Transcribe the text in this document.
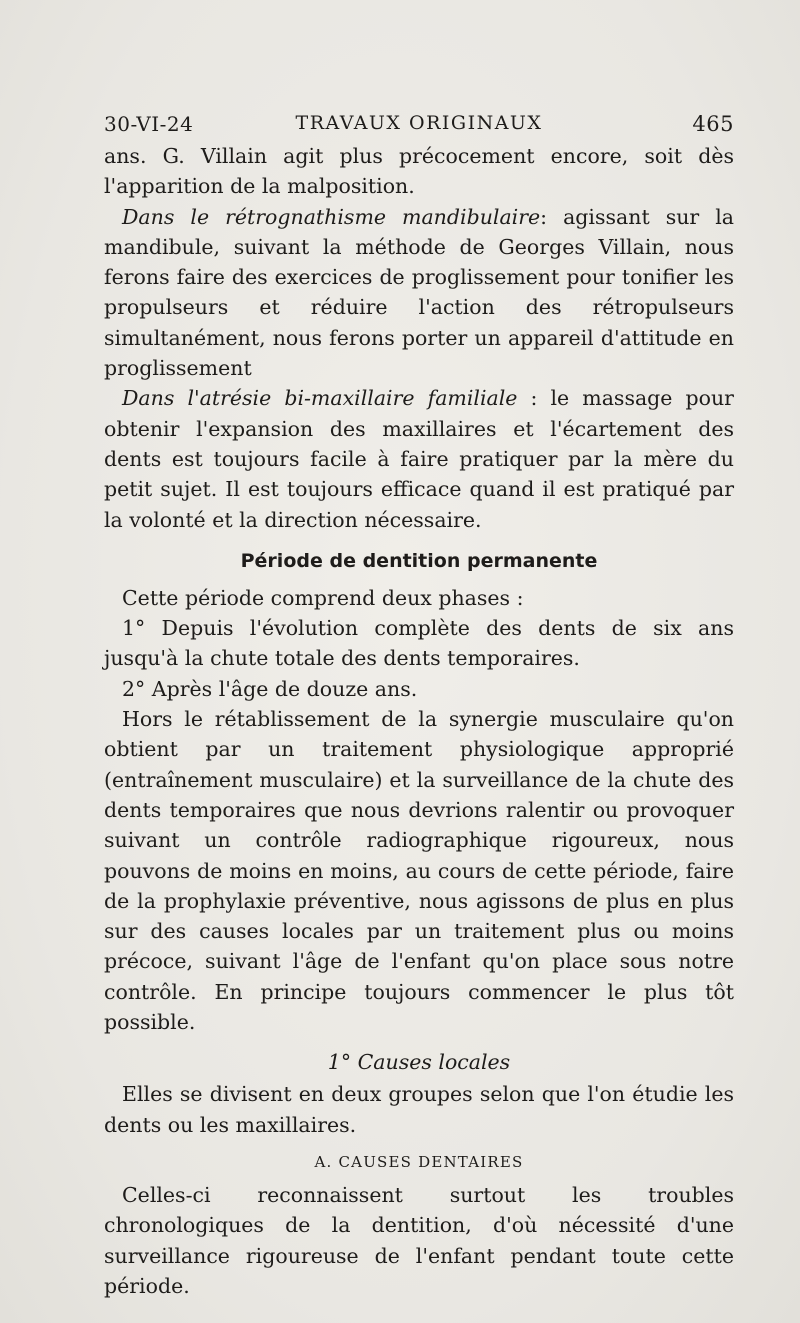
30-VI-24	TRAVAUX ORIGINAUX	465

ans. G. Villain agit plus précocement encore, soit dès l'apparition de la malposition.

Dans le rétrognathisme mandibulaire: agissant sur la mandibule, suivant la méthode de Georges Villain, nous ferons faire des exercices de proglissement pour tonifier les propulseurs et réduire l'action des rétropulseurs simultanément, nous ferons porter un appareil d'attitude en proglissement

Dans l'atrésie bi-maxillaire familiale : le massage pour obtenir l'expansion des maxillaires et l'écartement des dents est toujours facile à faire pratiquer par la mère du petit sujet. Il est toujours efficace quand il est pratiqué par la volonté et la direction nécessaire.

Période de dentition permanente

Cette période comprend deux phases :

1° Depuis l'évolution complète des dents de six ans jusqu'à la chute totale des dents temporaires.

2° Après l'âge de douze ans.

Hors le rétablissement de la synergie musculaire qu'on obtient par un traitement physiologique approprié (entraînement musculaire) et la surveillance de la chute des dents temporaires que nous devrions ralentir ou provoquer suivant un contrôle radiographique rigoureux, nous pouvons de moins en moins, au cours de cette période, faire de la prophylaxie préventive, nous agissons de plus en plus sur des causes locales par un traitement plus ou moins précoce, suivant l'âge de l'enfant qu'on place sous notre contrôle. En principe toujours commencer le plus tôt possible.

1° Causes locales

Elles se divisent en deux groupes selon que l'on étudie les dents ou les maxillaires.

A. CAUSES DENTAIRES

Celles-ci reconnaissent surtout les troubles chronologiques de la dentition, d'où nécessité d'une surveillance rigoureuse de l'enfant pendant toute cette période.
